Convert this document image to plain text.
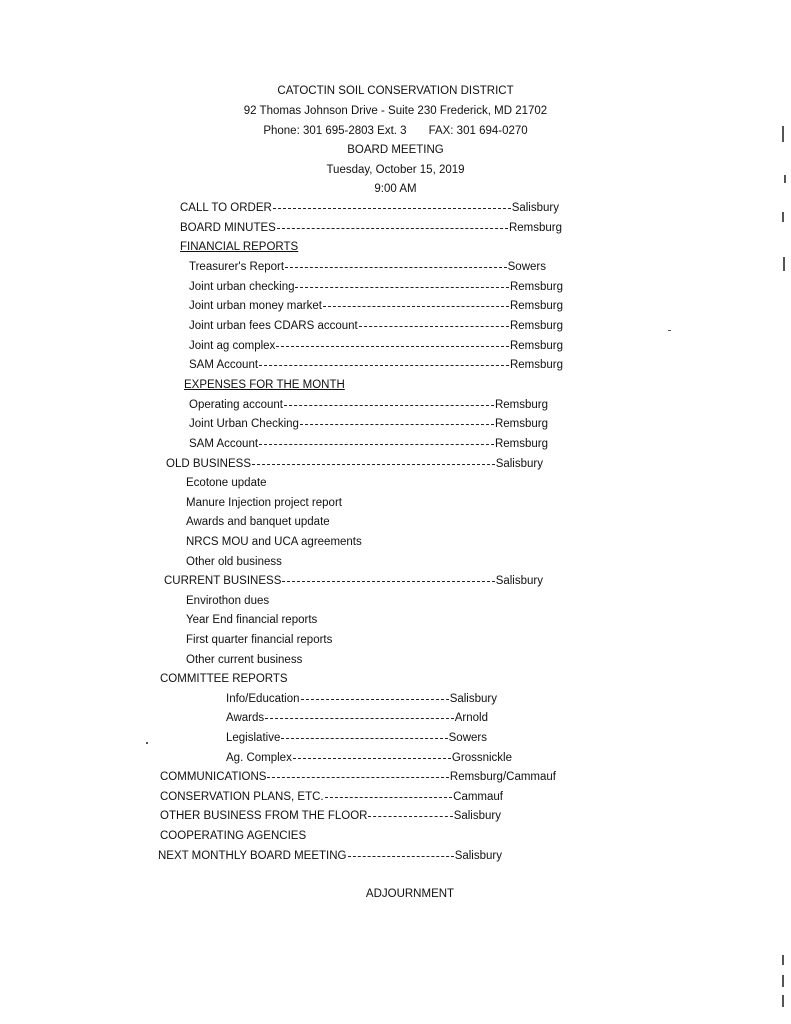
CATOCTIN SOIL CONSERVATION DISTRICT
92 Thomas Johnson Drive - Suite 230 Frederick, MD 21702
Phone: 301 695-2803 Ext. 3 FAX: 301 694-0270
BOARD MEETING
Tuesday, October 15, 2019
9:00 AM
CALL TO ORDER	Salisbury
BOARD MINUTES	Remsburg
FINANCIAL REPORTS
Treasurer's Report	Sowers
Joint urban checking	Remsburg
Joint urban money market	Remsburg
Joint urban fees CDARS account	Remsburg
Joint ag complex	Remsburg
SAM Account	Remsburg
EXPENSES FOR THE MONTH
Operating account	Remsburg
Joint Urban Checking	Remsburg
SAM Account	Remsburg
OLD BUSINESS	Salisbury
Ecotone update
Manure Injection project report
Awards and banquet update
NRCS MOU and UCA agreements
Other old business
CURRENT BUSINESS	Salisbury
Envirothon dues
Year End financial reports
First quarter financial reports
Other current business
COMMITTEE REPORTS
Info/Education	Salisbury
Awards	Arnold
Legislative	Sowers
Ag. Complex	Grossnickle
COMMUNICATIONS	Remsburg/Cammauf
CONSERVATION PLANS, ETC.	Cammauf
OTHER BUSINESS FROM THE FLOOR	Salisbury
COOPERATING AGENCIES
NEXT MONTHLY BOARD MEETING	Salisbury
ADJOURNMENT
